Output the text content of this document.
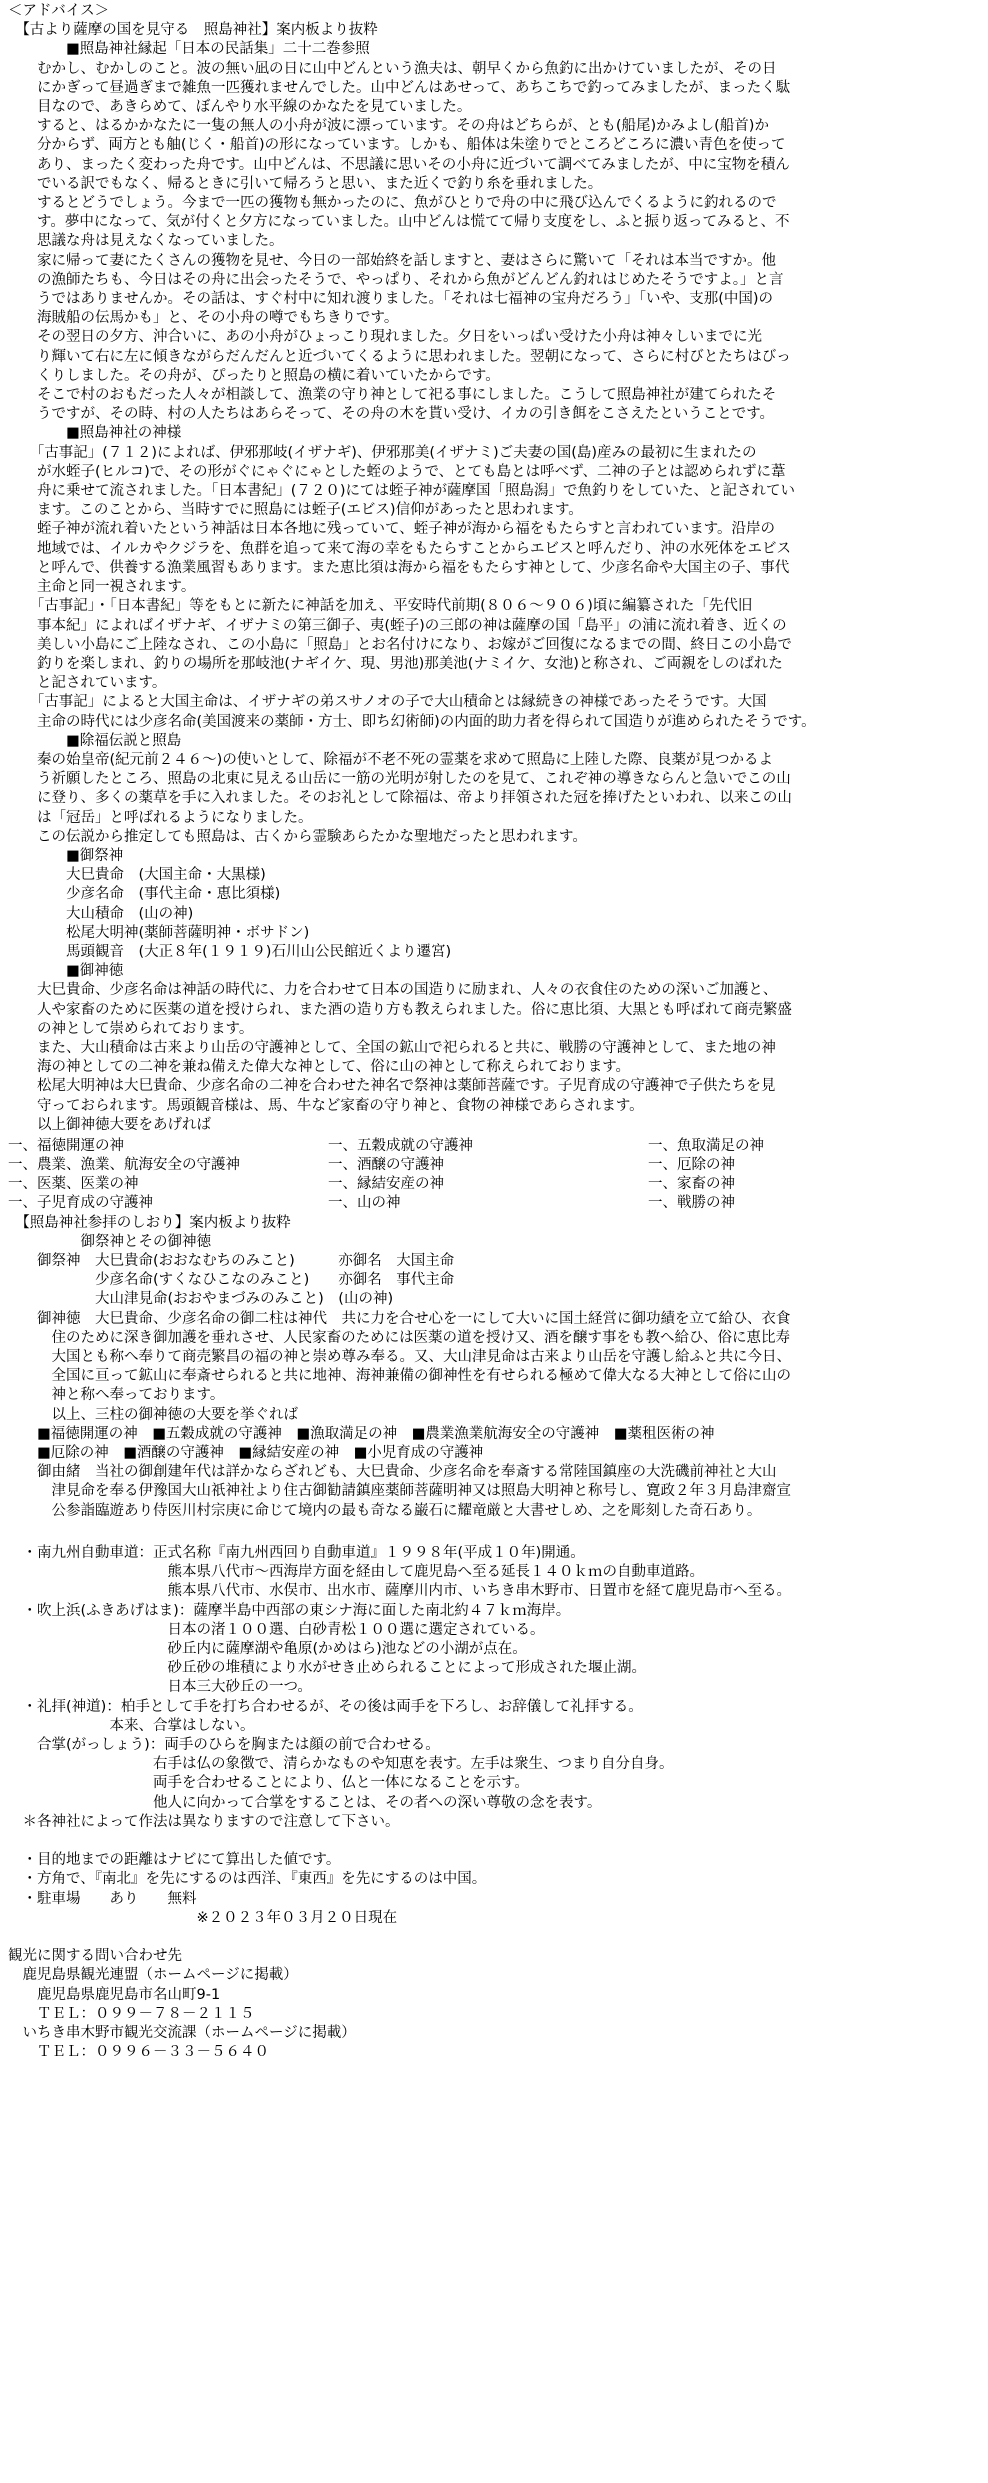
＜アドバイス＞

　【古より薩摩の国を見守る　照島神社】案内板より抜粋

　　　　■照島神社縁起「日本の民話集」二十二巻参照

　　むかし、むかしのこと。波の無い凪の日に山中どんという漁夫は、朝早くから魚釣に出かけていましたが、その日

　　にかぎって昼過ぎまで雑魚一匹獲れませんでした。山中どんはあせって、あちこちで釣ってみましたが、まったく駄

　　目なので、あきらめて、ぼんやり水平線のかなたを見ていました。

　　すると、はるかかなたに一隻の無人の小舟が波に漂っています。その舟はどちらが、とも(船尾)かみよし(船首)か

　　分からず、両方とも舳(じく・船首)の形になっています。しかも、船体は朱塗りでところどころに濃い青色を使って

　　あり、まったく変わった舟です。山中どんは、不思議に思いその小舟に近づいて調べてみましたが、中に宝物を積ん

　　でいる訳でもなく、帰るときに引いて帰ろうと思い、また近くで釣り糸を垂れました。

　　するとどうでしょう。今まで一匹の獲物も無かったのに、魚がひとりで舟の中に飛び込んでくるように釣れるので

　　す。夢中になって、気が付くと夕方になっていました。山中どんは慌てて帰り支度をし、ふと振り返ってみると、不

　　思議な舟は見えなくなっていました。

　　家に帰って妻にたくさんの獲物を見せ、今日の一部始終を話しますと、妻はさらに驚いて「それは本当ですか。他

　　の漁師たちも、今日はその舟に出会ったそうで、やっぱり、それから魚がどんどん釣れはじめたそうですよ。」と言

　　うではありませんか。その話は、すぐ村中に知れ渡りました。「それは七福神の宝舟だろう」「いや、支那(中国)の

　　海賊船の伝馬かも」と、その小舟の噂でもちきりです。

　　その翌日の夕方、沖合いに、あの小舟がひょっこり現れました。夕日をいっぱい受けた小舟は神々しいまでに光

　　り輝いて右に左に傾きながらだんだんと近づいてくるように思われました。翌朝になって、さらに村びとたちはびっ

　　くりしました。その舟が、ぴったりと照島の横に着いていたからです。

　　そこで村のおもだった人々が相談して、漁業の守り神として祀る事にしました。こうして照島神社が建てられたそ

　　うですが、その時、村の人たちはあらそって、その舟の木を貰い受け、イカの引き餌をこさえたということです。

　　　　■照島神社の神様

　　「古事記」(７１２)によれば、伊邪那岐(イザナギ)、伊邪那美(イザナミ)ご夫妻の国(島)産みの最初に生まれたの

　　が水蛭子(ヒルコ)で、その形がぐにゃぐにゃとした蛭のようで、とても島とは呼べず、二神の子とは認められずに葦

　　舟に乗せて流されました。「日本書紀」(７２０)にては蛭子神が薩摩国「照島潟」で魚釣りをしていた、と記されてい

　　ます。このことから、当時すでに照島には蛭子(エビス)信仰があったと思われます。

　　蛭子神が流れ着いたという神話は日本各地に残っていて、蛭子神が海から福をもたらすと言われています。沿岸の

　　地域では、イルカやクジラを、魚群を追って来て海の幸をもたらすことからエビスと呼んだり、沖の水死体をエビス

　　と呼んで、供養する漁業風習もあります。また恵比須は海から福をもたらす神として、少彦名命や大国主の子、事代

　　主命と同一視されます。

　　「古事記」・「日本書紀」等をもとに新たに神話を加え、平安時代前期(８０６～９０６)頃に編纂された「先代旧

　　事本紀」によればイザナギ、イザナミの第三御子、夷(蛭子)の三郎の神は薩摩の国「島平」の浦に流れ着き、近くの

　　美しい小島にご上陸なされ、この小島に「照島」とお名付けになり、お嫁がご回復になるまでの間、終日この小島で

　　釣りを楽しまれ、釣りの場所を那岐池(ナギイケ、現、男池)那美池(ナミイケ、女池)と称され、ご両親をしのばれた

　　と記されています。

　　「古事記」によると大国主命は、イザナギの弟スサノオの子で大山積命とは縁続きの神様であったそうです。大国

　　主命の時代には少彦名命(美国渡来の薬師・方士、即ち幻術師)の内面的助力者を得られて国造りが進められたそうです。

　　　　■除福伝説と照島

　　秦の始皇帝(紀元前２４６～)の使いとして、除福が不老不死の霊薬を求めて照島に上陸した際、良薬が見つかるよ

　　う祈願したところ、照島の北東に見える山岳に一筋の光明が射したのを見て、これぞ神の導きならんと急いでこの山

　　に登り、多くの薬草を手に入れました。そのお礼として除福は、帝より拝領された冠を捧げたといわれ、以来この山

　　は「冠岳」と呼ばれるようになりました。

　　この伝説から推定しても照島は、古くから霊験あらたかな聖地だったと思われます。

　　　　■御祭神

　　　　大巳貴命　(大国主命・大黒様)

　　　　少彦名命　(事代主命・恵比須様)

　　　　大山積命　(山の神)

　　　　松尾大明神(薬師菩薩明神・ボサドン)

　　　　馬頭観音　(大正８年(１９１９)石川山公民館近くより遷宮)

　　　　■御神徳

　　大巳貴命、少彦名命は神話の時代に、力を合わせて日本の国造りに励まれ、人々の衣食住のための深いご加護と、

　　人や家畜のために医薬の道を授けられ、また酒の造り方も教えられました。俗に恵比須、大黒とも呼ばれて商売繁盛

　　の神として崇められております。

　　また、大山積命は古来より山岳の守護神として、全国の鉱山で祀られると共に、戦勝の守護神として、また地の神

　　海の神としての二神を兼ね備えた偉大な神として、俗に山の神として称えられております。

　　松尾大明神は大巳貴命、少彦名命の二神を合わせた神名で祭神は薬師菩薩です。子児育成の守護神で子供たちを見

　　守っておられます。馬頭観音様は、馬、牛など家畜の守り神と、食物の神様であらされます。

　　以上御神徳大要をあげれば

一、福徳開運の神	一、五穀成就の守護神	一、魚取満足の神
一、農業、漁業、航海安全の守護神	一、酒醸の守護神	一、厄除の神
一、医薬、医業の神	一、縁結安産の神	一、家畜の神
一、子児育成の守護神	一、山の神	一、戦勝の神

　【照島神社参拝のしおり】案内板より抜粋

　　　　　御祭神とその御神徳

　　御祭神　大巳貴命(おおなむちのみこと)　　　亦御名　大国主命

　　　　　　少彦名命(すくなひこなのみこと)　　亦御名　事代主命

　　　　　　大山津見命(おおやまづみのみこと)　(山の神)

　　御神徳　大巳貴命、少彦名命の御二柱は神代　共に力を合せ心を一にして大いに国土経営に御功績を立て給ひ、衣食

　　　住のために深き御加護を垂れさせ、人民家畜のためには医薬の道を授け又、酒を醸す事をも教へ給ひ、俗に恵比寿

　　　大国とも称へ奉りて商売繁昌の福の神と崇め尊み奉る。又、大山津見命は古来より山岳を守護し給ふと共に今日、

　　　全国に亘って鉱山に奉斎せられると共に地神、海神兼備の御神性を有せられる極めて偉大なる大神として俗に山の

　　　神と称へ奉っております。

　　　以上、三柱の御神徳の大要を挙ぐれば

　　■福徳開運の神　■五穀成就の守護神　■漁取満足の神　■農業漁業航海安全の守護神　■薬租医術の神

　　■厄除の神　■酒醸の守護神　■縁結安産の神　■小児育成の守護神

　　御由緒　当社の御創建年代は詳かならざれども、大巳貴命、少彦名命を奉斎する常陸国鎮座の大洗磯前神社と大山

　　　津見命を奉る伊豫国大山祇神社より住古御勧請鎮座薬師菩薩明神又は照島大明神と称号し、寛政２年３月島津齋宣

　　　公参詣臨遊あり侍医川村宗庚に命じて境内の最も奇なる巌石に耀竜厳と大書せしめ、之を彫刻した奇石あり。

　・南九州自動車道：正式名称『南九州西回り自動車道』１９９８年(平成１０年)開通。

　　　　　　　　　　　熊本県八代市～西海岸方面を経由して鹿児島へ至る延長１４０ｋｍの自動車道路。

　　　　　　　　　　　熊本県八代市、水俣市、出水市、薩摩川内市、いちき串木野市、日置市を経て鹿児島市へ至る。

　・吹上浜(ふきあげはま)：薩摩半島中西部の東シナ海に面した南北約４７ｋｍ海岸。

　　　　　　　　　　　日本の渚１００選、白砂青松１００選に選定されている。

　　　　　　　　　　　砂丘内に薩摩湖や亀原(かめはら)池などの小湖が点在。

　　　　　　　　　　　砂丘砂の堆積により水がせき止められることによって形成された堰止湖。

　　　　　　　　　　　日本三大砂丘の一つ。

　・礼拝(神道)：柏手として手を打ち合わせるが、その後は両手を下ろし、お辞儀して礼拝する。

　　　　　　　本来、合掌はしない。

　　合掌(がっしょう)：両手のひらを胸または顔の前で合わせる。

　　　　　　　　　　右手は仏の象徴で、清らかなものや知恵を表す。左手は衆生、つまり自分自身。

　　　　　　　　　　両手を合わせることにより、仏と一体になることを示す。

　　　　　　　　　　他人に向かって合掌をすることは、その者への深い尊敬の念を表す。

　＊各神社によって作法は異なりますので注意して下さい。

　・目的地までの距離はナビにて算出した値です。

　・方角で、『南北』を先にするのは西洋、『東西』を先にするのは中国。

　・駐車場　　あり　　無料

　　　　　　　　　　　　　※２０２３年０３月２０日現在

観光に関する問い合わせ先

　鹿児島県観光連盟（ホームページに掲載）

　　鹿児島県鹿児島市名山町9-1

　　ＴＥＬ：０９９－７８－２１１５

　いちき串木野市観光交流課（ホームページに掲載）

　　ＴＥＬ：０９９６－３３－５６４０
